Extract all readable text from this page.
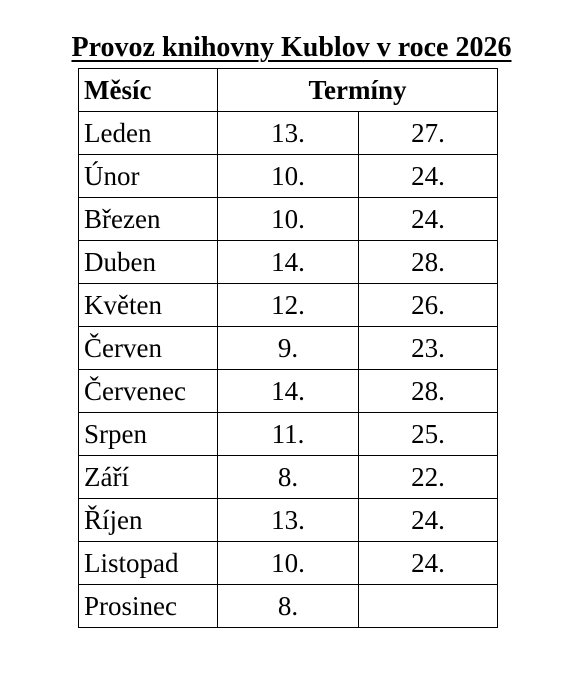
Provoz knihovny Kublov v roce 2026
Měsíc	Termíny	
Leden	13.	27.
Únor	10.	24.
Březen	10.	24.
Duben	14.	28.
Květen	12.	26.
Červen	9.	23.
Červenec	14.	28.
Srpen	11.	25.
Září	8.	22.
Říjen	13.	24.
Listopad	10.	24.
Prosinec	8.	
